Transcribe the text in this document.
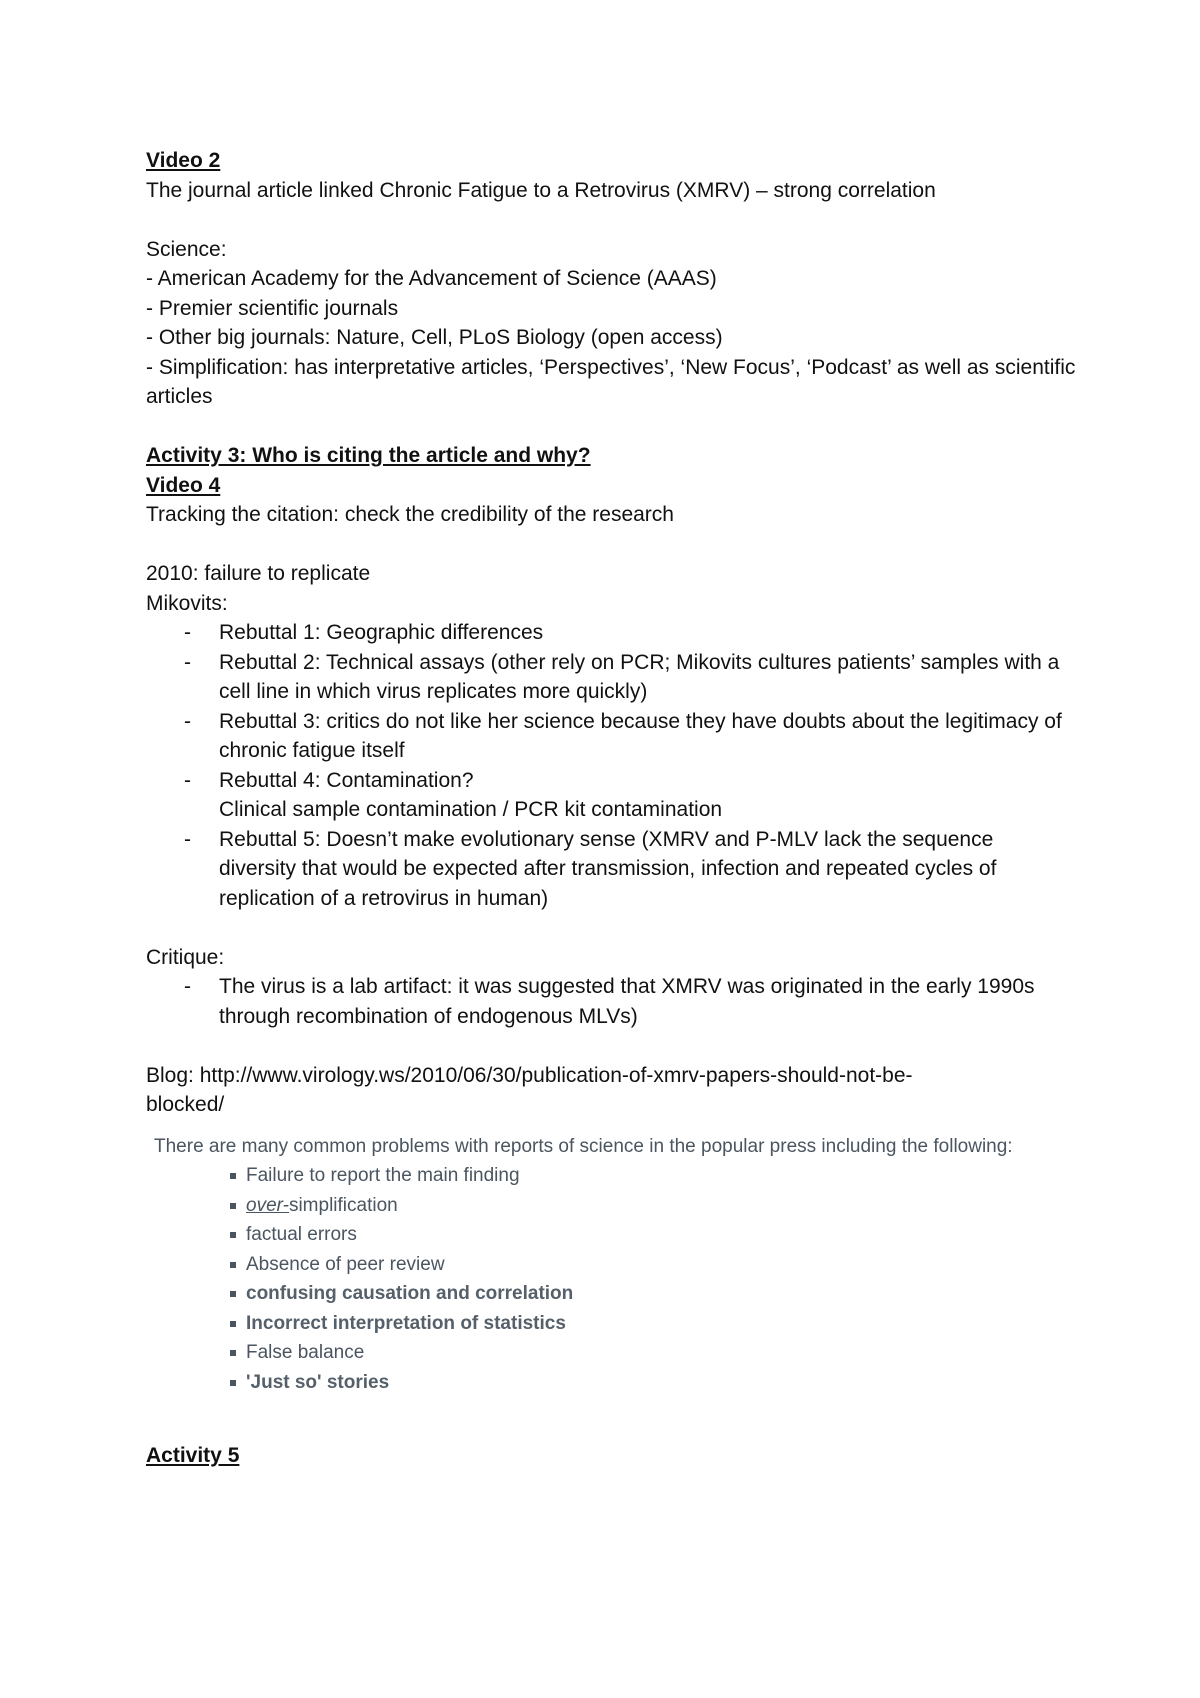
Video 2

The journal article linked Chronic Fatigue to a Retrovirus (XMRV) – strong correlation

Science:

- American Academy for the Advancement of Science (AAAS)

- Premier scientific journals

- Other big journals: Nature, Cell, PLoS Biology (open access)

- Simplification: has interpretative articles, ‘Perspectives’, ‘New Focus’, ‘Podcast’ as well as scientific articles

Activity 3: Who is citing the article and why?

Video 4

Tracking the citation: check the credibility of the research

2010: failure to replicate

Mikovits:

- Rebuttal 1: Geographic differences
- Rebuttal 2: Technical assays (other rely on PCR; Mikovits cultures patients’ samples with a cell line in which virus replicates more quickly)
- Rebuttal 3: critics do not like her science because they have doubts about the legitimacy of chronic fatigue itself
- Rebuttal 4: Contamination?
Clinical sample contamination / PCR kit contamination
- Rebuttal 5: Doesn’t make evolutionary sense (XMRV and P-MLV lack the sequence diversity that would be expected after transmission, infection and repeated cycles of replication of a retrovirus in human)

Critique:

- The virus is a lab artifact: it was suggested that XMRV was originated in the early 1990s through recombination of endogenous MLVs)

Blog: http://www.virology.ws/2010/06/30/publication-of-xmrv-papers-should-not-be-

blocked/

There are many common problems with reports of science in the popular press including the following:

Failure to report the main finding
over-simplification
factual errors
Absence of peer review
confusing causation and correlation
Incorrect interpretation of statistics
False balance
'Just so' stories

Activity 5
